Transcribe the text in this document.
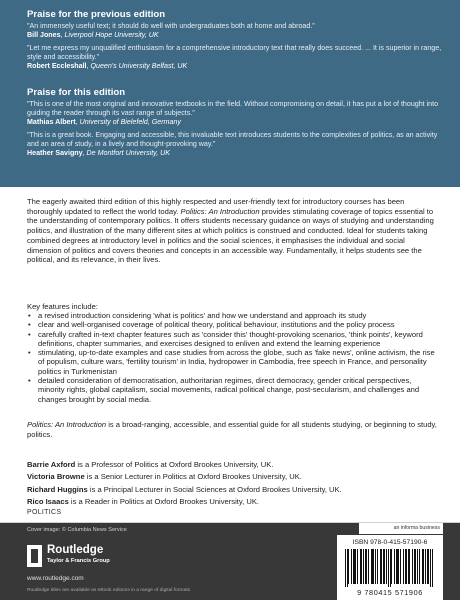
Praise for the previous edition
"An immensely useful text; it should do well with undergraduates both at home and abroad."
Bill Jones, Liverpool Hope University, UK
"Let me express my unqualified enthusiasm for a comprehensive introductory text that really does succeed. ... It is superior in range, style and accessibility."
Robert Eccleshall, Queen's University Belfast, UK
Praise for this edition
"This is one of the most original and innovative textbooks in the field. Without compromising on detail, it has put a lot of thought into guiding the reader through its vast range of subjects."
Mathias Albert, University of Bielefeld, Germany
"This is a great book. Engaging and accessible, this invaluable text introduces students to the complexities of politics, as an activity and an area of study, in a lively and thought-provoking way."
Heather Savigny, De Montfort University, UK

The eagerly awaited third edition of this highly respected and user-friendly text for introductory courses has been thoroughly updated to reflect the world today. Politics: An Introduction provides stimulating coverage of topics essential to the understanding of contemporary politics. It offers students necessary guidance on ways of studying and understanding politics, and illustration of the many different sites at which politics is construed and conducted. Ideal for students taking combined degrees at introductory level in politics and the social sciences, it emphasises the individual and social dimension of politics and covers theories and concepts in an accessible way. Fundamentally, it helps students see the political, and its relevance, in their lives.

Key features include:
• a revised introduction considering 'what is politics' and how we understand and approach its study
• clear and well-organised coverage of political theory, political behaviour, institutions and the policy process
• carefully crafted in-text chapter features such as 'consider this' thought-provoking scenarios, 'think points', keyword definitions, chapter summaries, and exercises designed to enliven and extend the learning experience
• stimulating, up-to-date examples and case studies from across the globe, such as 'fake news', online activism, the rise of populism, culture wars, 'fertility tourism' in India, hydropower in Cambodia, free speech in France, and personality politics in Turkmenistan
• detailed consideration of democratisation, authoritarian regimes, direct democracy, gender critical perspectives, minority rights, global capitalism, social movements, radical political change, post-secularism, and challenges and changes brought by social media.
Politics: An Introduction is a broad-ranging, accessible, and essential guide for all students studying, or beginning to study, politics.
Barrie Axford is a Professor of Politics at Oxford Brookes University, UK.
Victoria Browne is a Senior Lecturer in Politics at Oxford Brookes University, UK.
Richard Huggins is a Principal Lecturer in Social Sciences at Oxford Brookes University, UK.
Rico Isaacs is a Reader in Politics at Oxford Brookes University, UK.
POLITICS
Cover image: © Columbia News Service
Routledge
Taylor & Francis Group
www.routledge.com
Routledge titles are available as eBook editions in a range of digital formats
an informa business
ISBN 978-0-415-57190-6
9 780415 571906
